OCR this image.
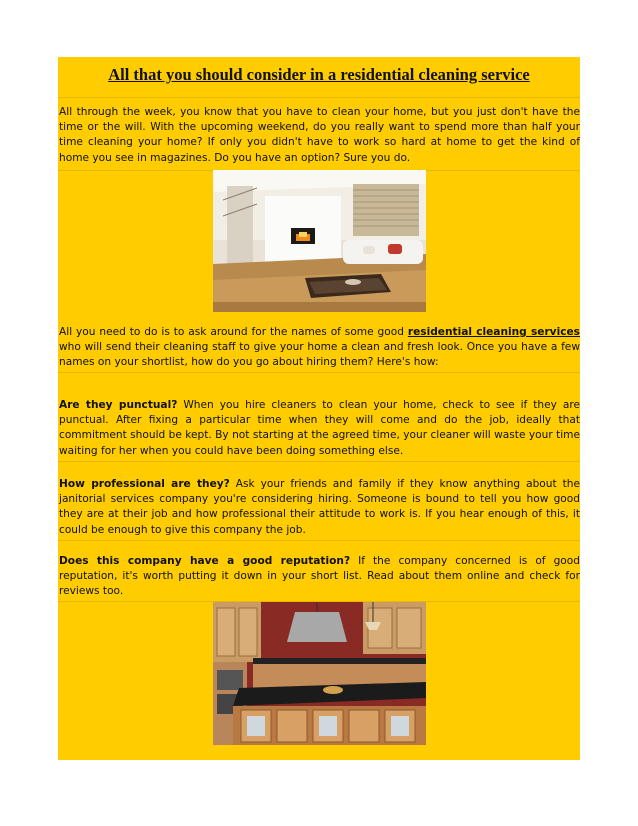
All that you should consider in a residential cleaning service
All through the week, you know that you have to clean your home, but you just don't have the time or the will. With the upcoming weekend, do you really want to spend more than half your time cleaning your home? If only you didn't have to work so hard at home to get the kind of home you see in magazines. Do you have an option? Sure you do.
All you need to do is to ask around for the names of some good residential cleaning services who will send their cleaning staff to give your home a clean and fresh look. Once you have a few names on your shortlist, how do you go about hiring them? Here's how:
Are they punctual? When you hire cleaners to clean your home, check to see if they are punctual. After fixing a particular time when they will come and do the job, ideally that commitment should be kept. By not starting at the agreed time, your cleaner will waste your time waiting for her when you could have been doing something else.
How professional are they? Ask your friends and family if they know anything about the janitorial services company you're considering hiring. Someone is bound to tell you how good they are at their job and how professional their attitude to work is. If you hear enough of this, it could be enough to give this company the job.
Does this company have a good reputation? If the company concerned is of good reputation, it's worth putting it down in your short list. Read about them online and check for reviews too.
